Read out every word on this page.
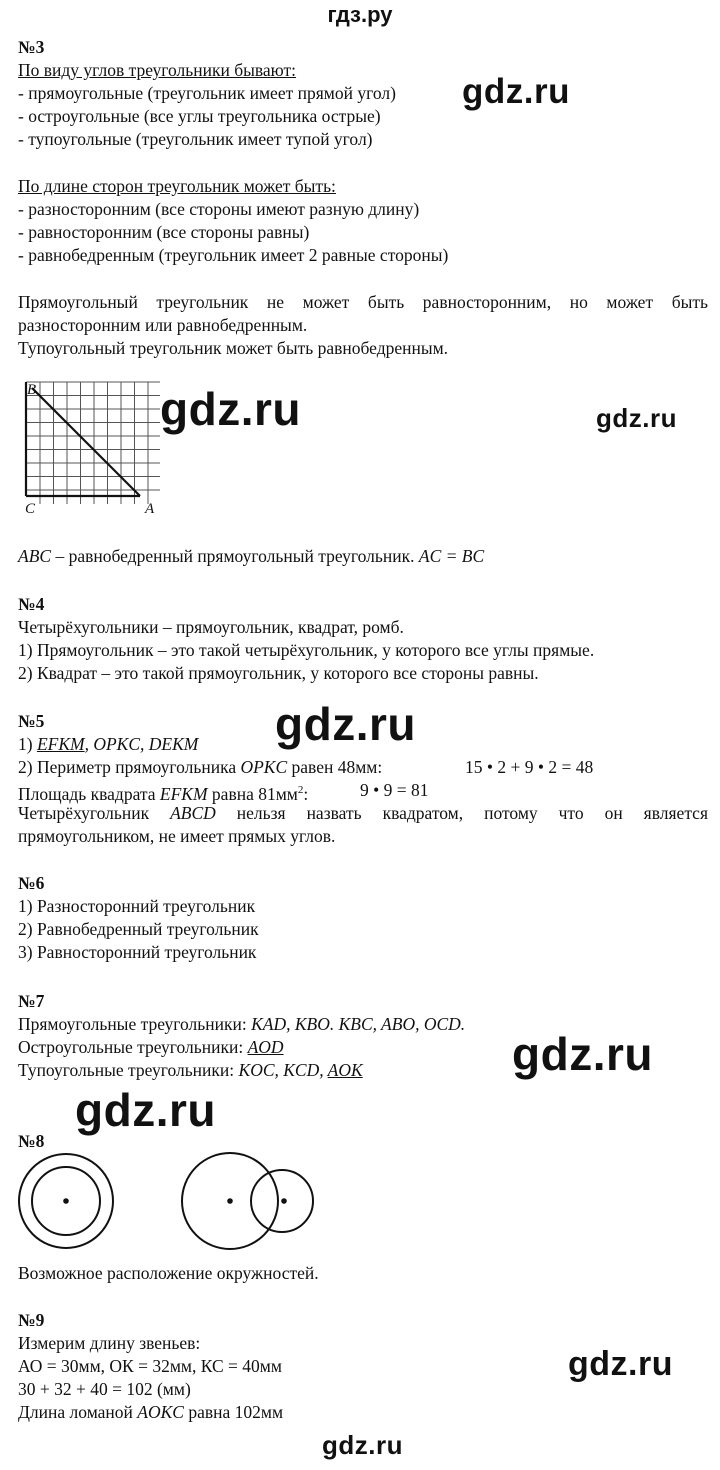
гдз.ру
gdz.ru
gdz.ru	gdz.ru
gdz.ru
gdz.ru
gdz.ru
gdz.ru
gdz.ru
№3
По виду углов треугольники бывают:
- прямоугольные (треугольник имеет прямой угол)
- остроугольные (все углы треугольника острые)
- тупоугольные (треугольник имеет тупой угол)
По длине сторон треугольник может быть:
- разносторонним (все стороны имеют разную длину)
- равносторонним (все стороны равны)
- равнобедренным (треугольник имеет 2 равные стороны)
Прямоугольный треугольник не может быть равносторонним, но может быть
разносторонним или равнобедренным.
Тупоугольный треугольник может быть равнобедренным.
B
C	A
ABC – равнобедренный прямоугольный треугольник. AC = BC
№4
Четырёхугольники – прямоугольник, квадрат, ромб.
1) Прямоугольник – это такой четырёхугольник, у которого все углы прямые.
2) Квадрат – это такой прямоугольник, у которого все стороны равны.
№5
1) EFKM, OPKC, DEKM
2) Периметр прямоугольника OPKC равен 48мм:	15 • 2 + 9 • 2 = 48
Площадь квадрата EFKM равна $81мм^2$:	9 • 9 = 81
Четырёхугольник ABCD нельзя назвать квадратом, потому что он является
прямоугольником, не имеет прямых углов.
№6
1) Разносторонний треугольник
2) Равнобедренный треугольник
3) Равносторонний треугольник
№7
Прямоугольные треугольники: KAD, KBO. KBC, ABO, OCD.
Остроугольные треугольники: AOD
Тупоугольные треугольники: KOC, KCD, AOK
№8
Возможное расположение окружностей.
№9
Измерим длину звеньев:
АО = 30мм, ОК = 32мм, КС = 40мм
30 + 32 + 40 = 102 (мм)
Длина ломаной AOKC равна 102мм
